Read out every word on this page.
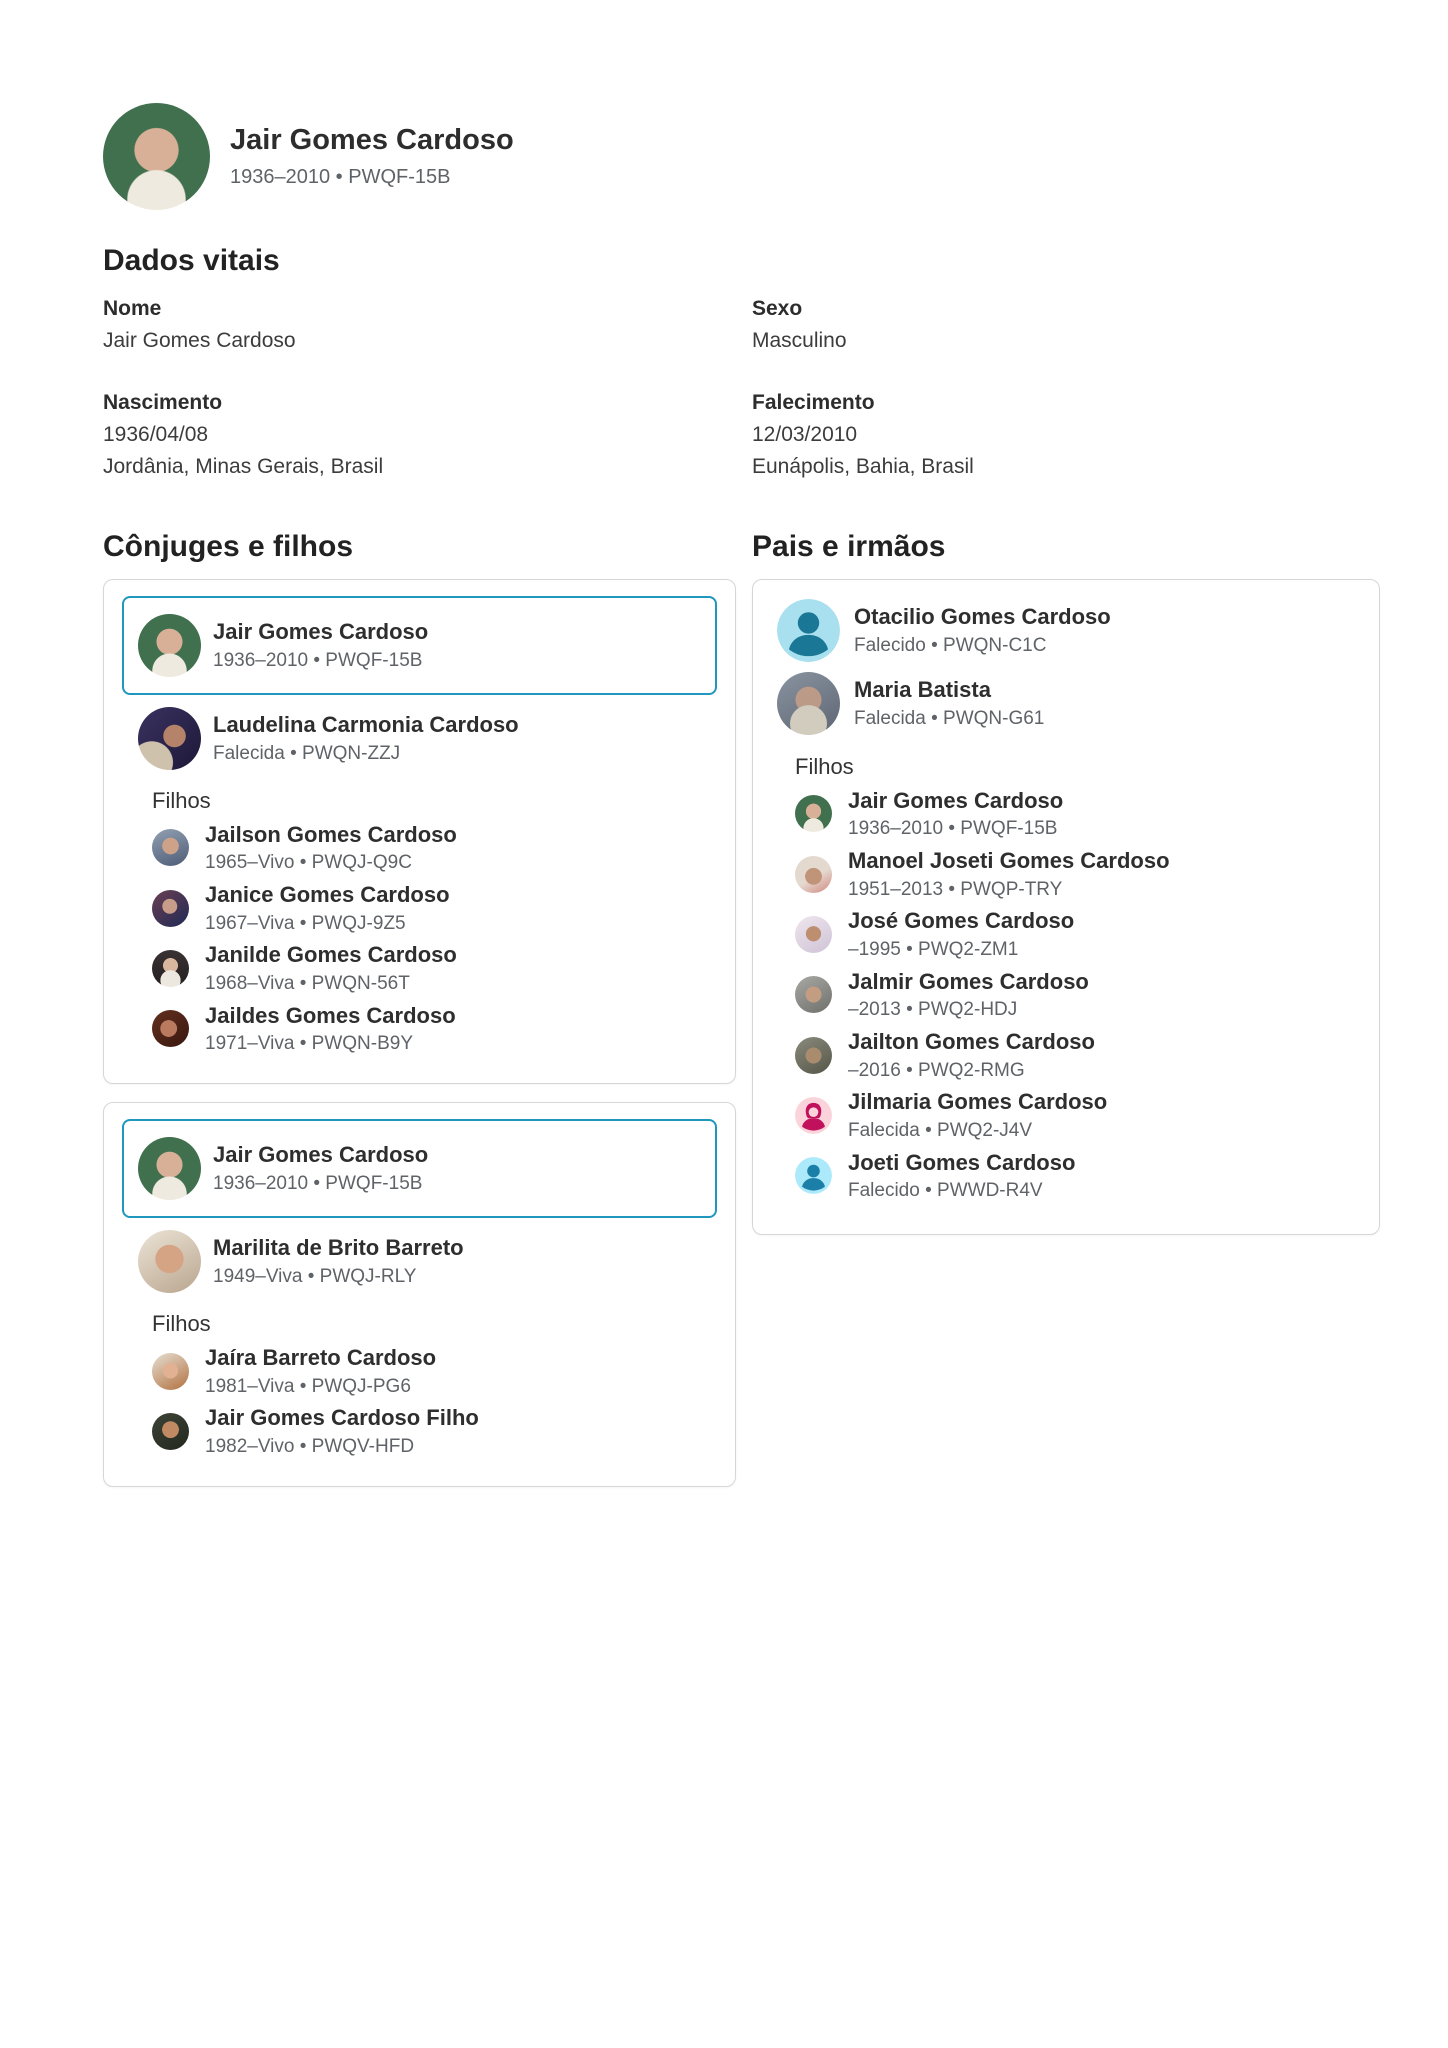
Jair Gomes Cardoso
1936–2010 • PWQF-15B
Dados vitais
Nome
Jair Gomes Cardoso
Sexo
Masculino
Nascimento
1936/04/08
Jordânia, Minas Gerais, Brasil
Falecimento
12/03/2010
Eunápolis, Bahia, Brasil
Cônjuges e filhos
Jair Gomes Cardoso
1936–2010 • PWQF-15B
Laudelina Carmonia Cardoso
Falecida • PWQN-ZZJ
Filhos
Jailson Gomes Cardoso
1965–Vivo • PWQJ-Q9C
Janice Gomes Cardoso
1967–Viva • PWQJ-9Z5
Janilde Gomes Cardoso
1968–Viva • PWQN-56T
Jaildes Gomes Cardoso
1971–Viva • PWQN-B9Y
Jair Gomes Cardoso
1936–2010 • PWQF-15B
Marilita de Brito Barreto
1949–Viva • PWQJ-RLY
Filhos
Jaíra Barreto Cardoso
1981–Viva • PWQJ-PG6
Jair Gomes Cardoso Filho
1982–Vivo • PWQV-HFD
Pais e irmãos
Otacilio Gomes Cardoso
Falecido • PWQN-C1C
Maria Batista
Falecida • PWQN-G61
Filhos
Jair Gomes Cardoso
1936–2010 • PWQF-15B
Manoel Joseti Gomes Cardoso
1951–2013 • PWQP-TRY
José Gomes Cardoso
–1995 • PWQ2-ZM1
Jalmir Gomes Cardoso
–2013 • PWQ2-HDJ
Jailton Gomes Cardoso
–2016 • PWQ2-RMG
Jilmaria Gomes Cardoso
Falecida • PWQ2-J4V
Joeti Gomes Cardoso
Falecido • PWWD-R4V
